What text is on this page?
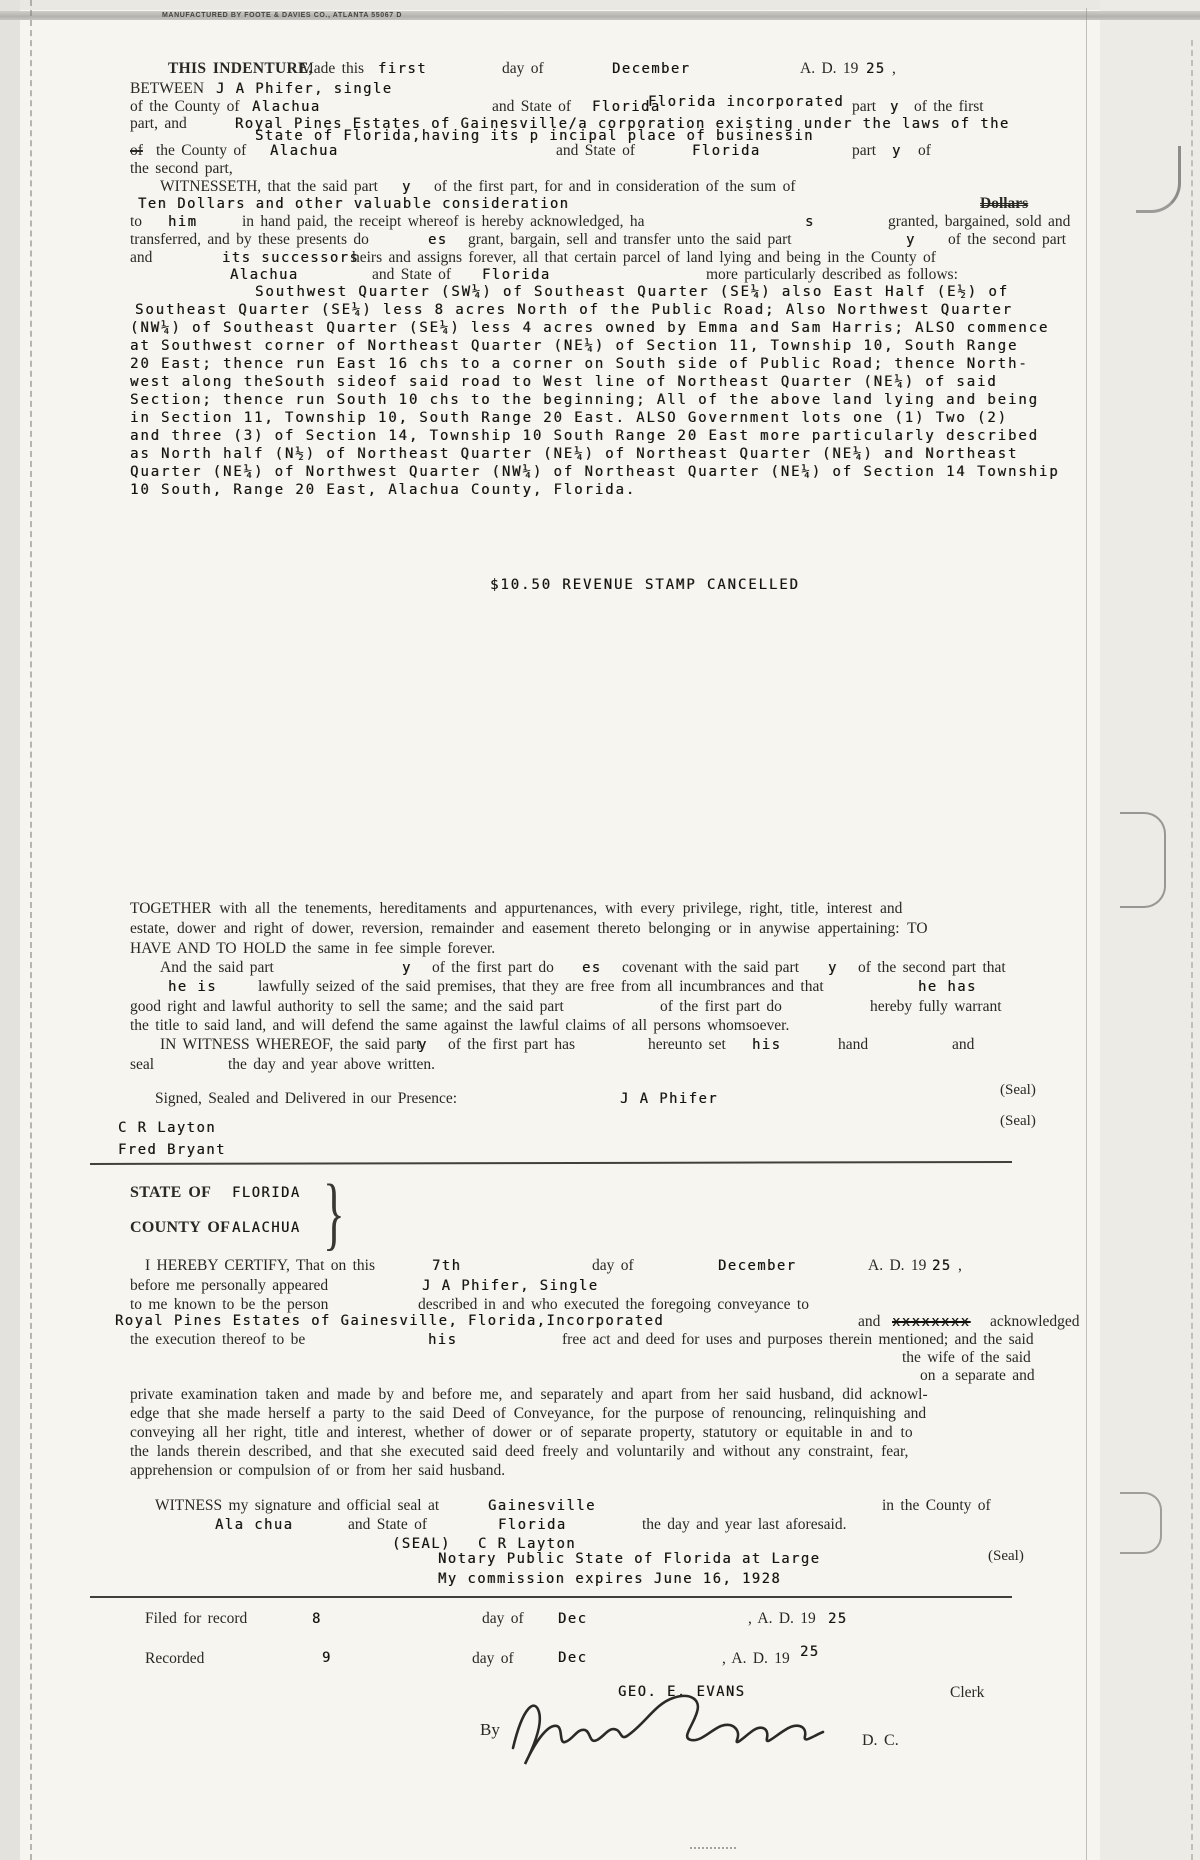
MANUFACTURED BY FOOTE & DAVIES CO., ATLANTA 55067 D
THIS INDENTURE,
Made this first	day of	December	A. D. 19 25 ,
BETWEEN J A Phifer, single
of the County of Alachua	and State of Florida
Florida incorporated part y of the first
part, and	Royal Pines Estates of Gainesville/a corporation existing under the laws of the
State of Florida,having its p incipal place of businessin
of the County of Alachua	and State of	Florida	part y of
the second part,
WITNESSETH, that the said part y of the first part, for and in consideration of the sum of
Ten Dollars and other valuable consideration	Dollars
to him	in hand paid, the receipt whereof is hereby acknowledged, ha	s	granted, bargained, sold and
transferred, and by these presents do	es grant, bargain, sell and transfer unto the said part	y of the second part
and	its successors
heirs and assigns forever, all that certain parcel of land lying and being in the County of
Alachua	and State of Florida	more particularly described as follows:
Southwest Quarter (SW¼) of Southeast Quarter (SE¼) also East Half (E½) of
Southeast Quarter (SE¼) less 8 acres North of the Public Road; Also Northwest Quarter
(NW¼) of Southeast Quarter (SE¼) less 4 acres owned by Emma and Sam Harris; ALSO commence
at Southwest corner of Northeast Quarter (NE¼) of Section 11, Township 10, South Range
20 East; thence run East 16 chs to a corner on South side of Public Road; thence North-
west along theSouth sideof said road to West line of Northeast Quarter (NE¼) of said
Section; thence run South 10 chs to the beginning; All of the above land lying and being
in Section 11, Township 10, South Range 20 East. ALSO Government lots one (1) Two (2)
and three (3) of Section 14, Township 10 South Range 20 East more particularly described
as North half (N½) of Northeast Quarter (NE¼) of Northeast Quarter (NE¼) and Northeast
Quarter (NE¼) of Northwest Quarter (NW¼) of Northeast Quarter (NE¼) of Section 14 Township
10 South, Range 20 East, Alachua County, Florida.
$10.50 REVENUE STAMP CANCELLED
TOGETHER with all the tenements, hereditaments and appurtenances, with every privilege, right, title, interest and
estate, dower and right of dower, reversion, remainder and easement thereto belonging or in anywise appertaining: TO
HAVE AND TO HOLD the same in fee simple forever.
And the said part	y of the first part do es covenant with the said part y of the second part that
he is	lawfully seized of the said premises, that they are free from all incumbrances and that	he has
good right and lawful authority to sell the same; and the said part	of the first part do	hereby fully warrant
the title to said land, and will defend the same against the lawful claims of all persons whomsoever.
IN WITNESS WHEREOF, the said part
y of the first part has	hereunto set his	hand	and
seal	the day and year above written.
Signed, Sealed and Delivered in our Presence:	J A Phifer
(Seal)
C R Layton	(Seal)
Fred Bryant
STATE OF FLORIDA
COUNTY OF ALACHUA }
I HEREBY CERTIFY, That on this	7th	day of	December	A. D. 19 25 ,
before me personally appeared	J A Phifer, Single
to me known to be the person	described in and who executed the foregoing conveyance to
Royal Pines Estates of Gainesville, Florida,Incorporated	and xxxxxxxx acknowledged
the execution thereof to be	his	free act and deed for uses and purposes therein mentioned; and the said
the wife of the said
on a separate and
private examination taken and made by and before me, and separately and apart from her said husband, did acknowl-
edge that she made herself a party to the said Deed of Conveyance, for the purpose of renouncing, relinquishing and
conveying all her right, title and interest, whether of dower or of separate property, statutory or equitable in and to
the lands therein described, and that she executed said deed freely and voluntarily and without any constraint, fear,
apprehension or compulsion of or from her said husband.
WITNESS my signature and official seal at	Gainesville	in the County of
Ala chua	and State of	Florida	the day and year last aforesaid.
(SEAL) C R Layton
Notary Public State of Florida at Large	(Seal)
My commission expires June 16, 1928
Filed for record	8	day of Dec	, A. D. 19 25
Recorded	9	day of	Dec	, A. D. 19 25
GEO. E. EVANS	Clerk
By
D. C.
